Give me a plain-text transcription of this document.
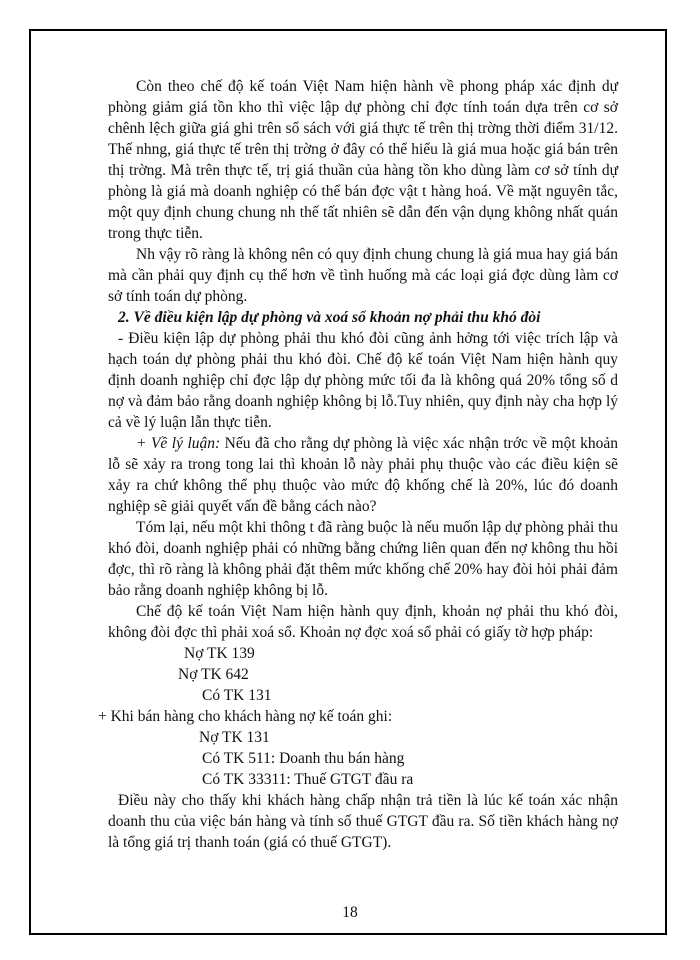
Còn theo chế độ kế toán Việt Nam hiện hành về phong pháp xác định dự phòng giảm giá tồn kho thì việc lập dự phòng chỉ đợc tính toán dựa trên cơ sở chênh lệch giữa giá ghi trên sổ sách với giá thực tế trên thị trờng thời điểm 31/12. Thế nhng, giá thực tế trên thị trờng ở đây có thể hiểu là giá mua hoặc giá bán trên thị trờng. Mà trên thực tế, trị giá thuần của hàng tồn kho dùng làm cơ sở tính dự phòng là giá mà doanh nghiệp có thể bán đợc vật t hàng hoá. Về mặt nguyên tắc, một quy định chung chung nh thế tất nhiên sẽ dẫn đến vận dụng không nhất quán trong thực tiễn.

Nh vậy rõ ràng là không nên có quy định chung chung là giá mua hay giá bán mà cần phải quy định cụ thể hơn về tình huống mà các loại giá đợc dùng làm cơ sở tính toán dự phòng.

2. Về điều kiện lập dự phòng và xoá sổ khoản nợ phải thu khó đòi

- Điều kiện lập dự phòng phải thu khó đòi cũng ảnh hởng tới việc trích lập và hạch toán dự phòng phải thu khó đòi. Chế độ kế toán Việt Nam hiện hành quy định doanh nghiệp chỉ đợc lập dự phòng mức tối đa là không quá 20% tổng số d nợ và đảm bảo rằng doanh nghiệp không bị lỗ.Tuy nhiên, quy định này cha hợp lý cả về lý luận lẫn thực tiễn.

+ Về lý luận: Nếu đã cho rằng dự phòng là việc xác nhận trớc về một khoản lỗ sẽ xảy ra trong tong lai thì khoản lỗ này phải phụ thuộc vào các điều kiện sẽ xảy ra chứ không thể phụ thuộc vào mức độ khống chế là 20%, lúc đó doanh nghiệp sẽ giải quyết vấn đề bằng cách nào?

Tóm lại, nếu một khi thông t đã ràng buộc là nếu muốn lập dự phòng phải thu khó đòi, doanh nghiệp phải có những bằng chứng liên quan đến nợ không thu hồi đợc, thì rõ ràng là không phải đặt thêm mức khống chế 20% hay đòi hỏi phải đảm bảo rằng doanh nghiệp không bị lỗ.

Chế độ kế toán Việt Nam hiện hành quy định, khoản nợ phải thu khó đòi, không đòi đợc thì phải xoá sổ. Khoản nợ đợc xoá sổ phải có giấy tờ hợp pháp:

Nợ TK 139

Nợ TK 642

Có TK 131

+ Khi bán hàng cho khách hàng nợ kế toán ghi:

Nợ TK 131

Có TK 511: Doanh thu bán hàng

Có TK 33311: Thuế GTGT đầu ra

Điều này cho thấy khi khách hàng chấp nhận trả tiền là lúc kế toán xác nhận doanh thu của việc bán hàng và tính số thuế GTGT đầu ra. Số tiền khách hàng nợ là tổng giá trị thanh toán (giá có thuế GTGT).

18
